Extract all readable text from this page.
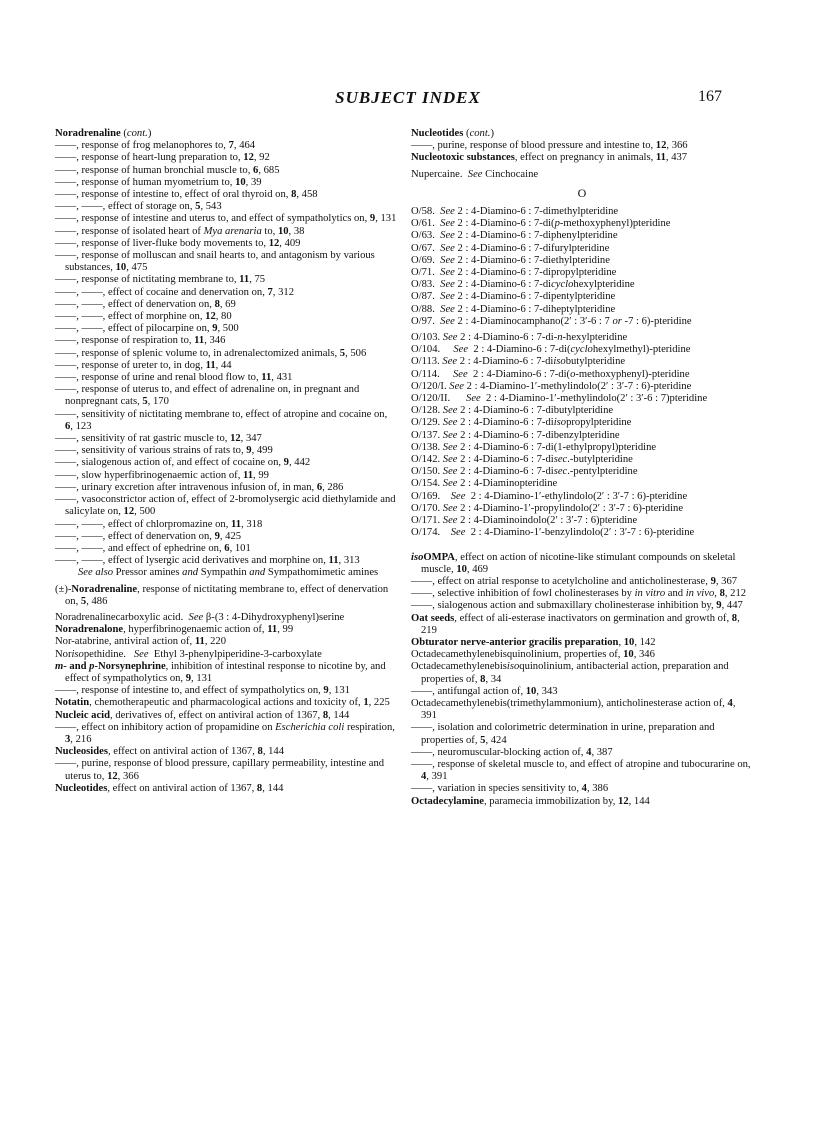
SUBJECT INDEX	167

Noradrenaline (cont.)

——, response of frog melanophores to, 7, 464

——, response of heart-lung preparation to, 12, 92

——, response of human bronchial muscle to, 6, 685

——, response of human myometrium to, 10, 39

——, response of intestine to, effect of oral thyroid on, 8, 458

——, ——, effect of storage on, 5, 543

——, response of intestine and uterus to, and effect of sympatholytics on, 9, 131

——, response of isolated heart of Mya arenaria to, 10, 38

——, response of liver-fluke body movements to, 12, 409

——, response of molluscan and snail hearts to, and antagonism by various substances, 10, 475

——, response of nictitating membrane to, 11, 75

——, ——, effect of cocaine and denervation on, 7, 312

——, ——, effect of denervation on, 8, 69

——, ——, effect of morphine on, 12, 80

——, ——, effect of pilocarpine on, 9, 500

——, response of respiration to, 11, 346

——, response of splenic volume to, in adrenalectomized animals, 5, 506

——, response of ureter to, in dog, 11, 44

——, response of urine and renal blood flow to, 11, 431

——, response of uterus to, and effect of adrenaline on, in pregnant and nonpregnant cats, 5, 170

——, sensitivity of nictitating membrane to, effect of atropine and cocaine on, 6, 123

——, sensitivity of rat gastric muscle to, 12, 347

——, sensitivity of various strains of rats to, 9, 499

——, sialogenous action of, and effect of cocaine on, 9, 442

——, slow hyperfibrinogenaemic action of, 11, 99

——, urinary excretion after intravenous infusion of, in man, 6, 286

——, vasoconstrictor action of, effect of 2-bromolysergic acid diethylamide and salicylate on, 12, 500

——, ——, effect of chlorpromazine on, 11, 318

——, ——, effect of denervation on, 9, 425

——, ——, and effect of ephedrine on, 6, 101

——, ——, effect of lysergic acid derivatives and morphine on, 11, 313

See also Pressor amines and Sympathin and Sympathomimetic amines

(±)-Noradrenaline, response of nictitating membrane to, effect of denervation on, 5, 486

Noradrenalinecarboxylic acid.  See β-(3 : 4-Dihydroxyphenyl)serine

Noradrenalone, hyperfibrinogenaemic action of, 11, 99

Nor-atabrine, antiviral action of, 11, 220

Norisopethidine.   See  Ethyl 3-phenylpiperidine-3-carboxylate

m- and p-Norsynephrine, inhibition of intestinal response to nicotine by, and effect of sympatholytics on, 9, 131

——, response of intestine to, and effect of sympatholytics on, 9, 131

Notatin, chemotherapeutic and pharmacological actions and toxicity of, 1, 225

Nucleic acid, derivatives of, effect on antiviral action of 1367, 8, 144

——, effect on inhibitory action of propamidine on Escherichia coli respiration, 3, 216

Nucleosides, effect on antiviral action of 1367, 8, 144

——, purine, response of blood pressure, capillary permeability, intestine and uterus to, 12, 366

Nucleotides, effect on antiviral action of 1367, 8, 144

Nucleotides (cont.)

——, purine, response of blood pressure and intestine to, 12, 366

Nucleotoxic substances, effect on pregnancy in animals, 11, 437

Nupercaine.  See Cinchocaine

O

O/58.  See 2 : 4-Diamino-6 : 7-dimethylpteridine

O/61.  See 2 : 4-Diamino-6 : 7-di(p-methoxyphenyl)pteridine

O/63.  See 2 : 4-Diamino-6 : 7-diphenylpteridine

O/67.  See 2 : 4-Diamino-6 : 7-difurylpteridine

O/69.  See 2 : 4-Diamino-6 : 7-diethylpteridine

O/71.  See 2 : 4-Diamino-6 : 7-dipropylpteridine

O/83.  See 2 : 4-Diamino-6 : 7-dicyclohexylpteridine

O/87.  See 2 : 4-Diamino-6 : 7-dipentylpteridine

O/88.  See 2 : 4-Diamino-6 : 7-diheptylpteridine

O/97.  See 2 : 4-Diaminocamphano(2′ : 3′-6 : 7 or -7 : 6)-pteridine

O/103. See 2 : 4-Diamino-6 : 7-di-n-hexylpteridine

O/104.     See  2 : 4-Diamino-6 : 7-di(cyclohexylmethyl)-pteridine

O/113. See 2 : 4-Diamino-6 : 7-diisobutylpteridine

O/114.     See  2 : 4-Diamino-6 : 7-di(o-methoxyphenyl)-pteridine

O/120/I. See 2 : 4-Diamino-1′-methylindolo(2′ : 3′-7 : 6)-pteridine

O/120/II.      See  2 : 4-Diamino-1′-methylindolo(2′ : 3′-6 : 7)pteridine

O/128. See 2 : 4-Diamino-6 : 7-dibutylpteridine

O/129. See 2 : 4-Diamino-6 : 7-diisopropylpteridine

O/137. See 2 : 4-Diamino-6 : 7-dibenzylpteridine

O/138. See 2 : 4-Diamino-6 : 7-di(1-ethylpropyl)pteridine

O/142. See 2 : 4-Diamino-6 : 7-disec.-butylpteridine

O/150. See 2 : 4-Diamino-6 : 7-disec.-pentylpteridine

O/154. See 2 : 4-Diaminopteridine

O/169.    See  2 : 4-Diamino-1′-ethylindolo(2′ : 3′-7 : 6)-pteridine

O/170. See 2 : 4-Diamino-1′-propylindolo(2′ : 3′-7 : 6)-pteridine

O/171. See 2 : 4-Diaminoindolo(2′ : 3′-7 : 6)pteridine

O/174.    See  2 : 4-Diamino-1′-benzylindolo(2′ : 3′-7 : 6)-pteridine

isoOMPA, effect on action of nicotine-like stimulant compounds on skeletal muscle, 10, 469

——, effect on atrial response to acetylcholine and anticholinesterase, 9, 367

——, selective inhibition of fowl cholinesterases by in vitro and in vivo, 8, 212

——, sialogenous action and submaxillary cholinesterase inhibition by, 9, 447

Oat seeds, effect of ali-esterase inactivators on germination and growth of, 8, 219

Obturator nerve-anterior gracilis preparation, 10, 142

Octadecamethylenebisquinolinium, properties of, 10, 346

Octadecamethylenebisisoquinolinium, antibacterial action, preparation and properties of, 8, 34

——, antifungal action of, 10, 343

Octadecamethylenebis(trimethylammonium), anticholinesterase action of, 4, 391

——, isolation and colorimetric determination in urine, preparation and properties of, 5, 424

——, neuromuscular-blocking action of, 4, 387

——, response of skeletal muscle to, and effect of atropine and tubocurarine on, 4, 391

——, variation in species sensitivity to, 4, 386

Octadecylamine, paramecia immobilization by, 12, 144
